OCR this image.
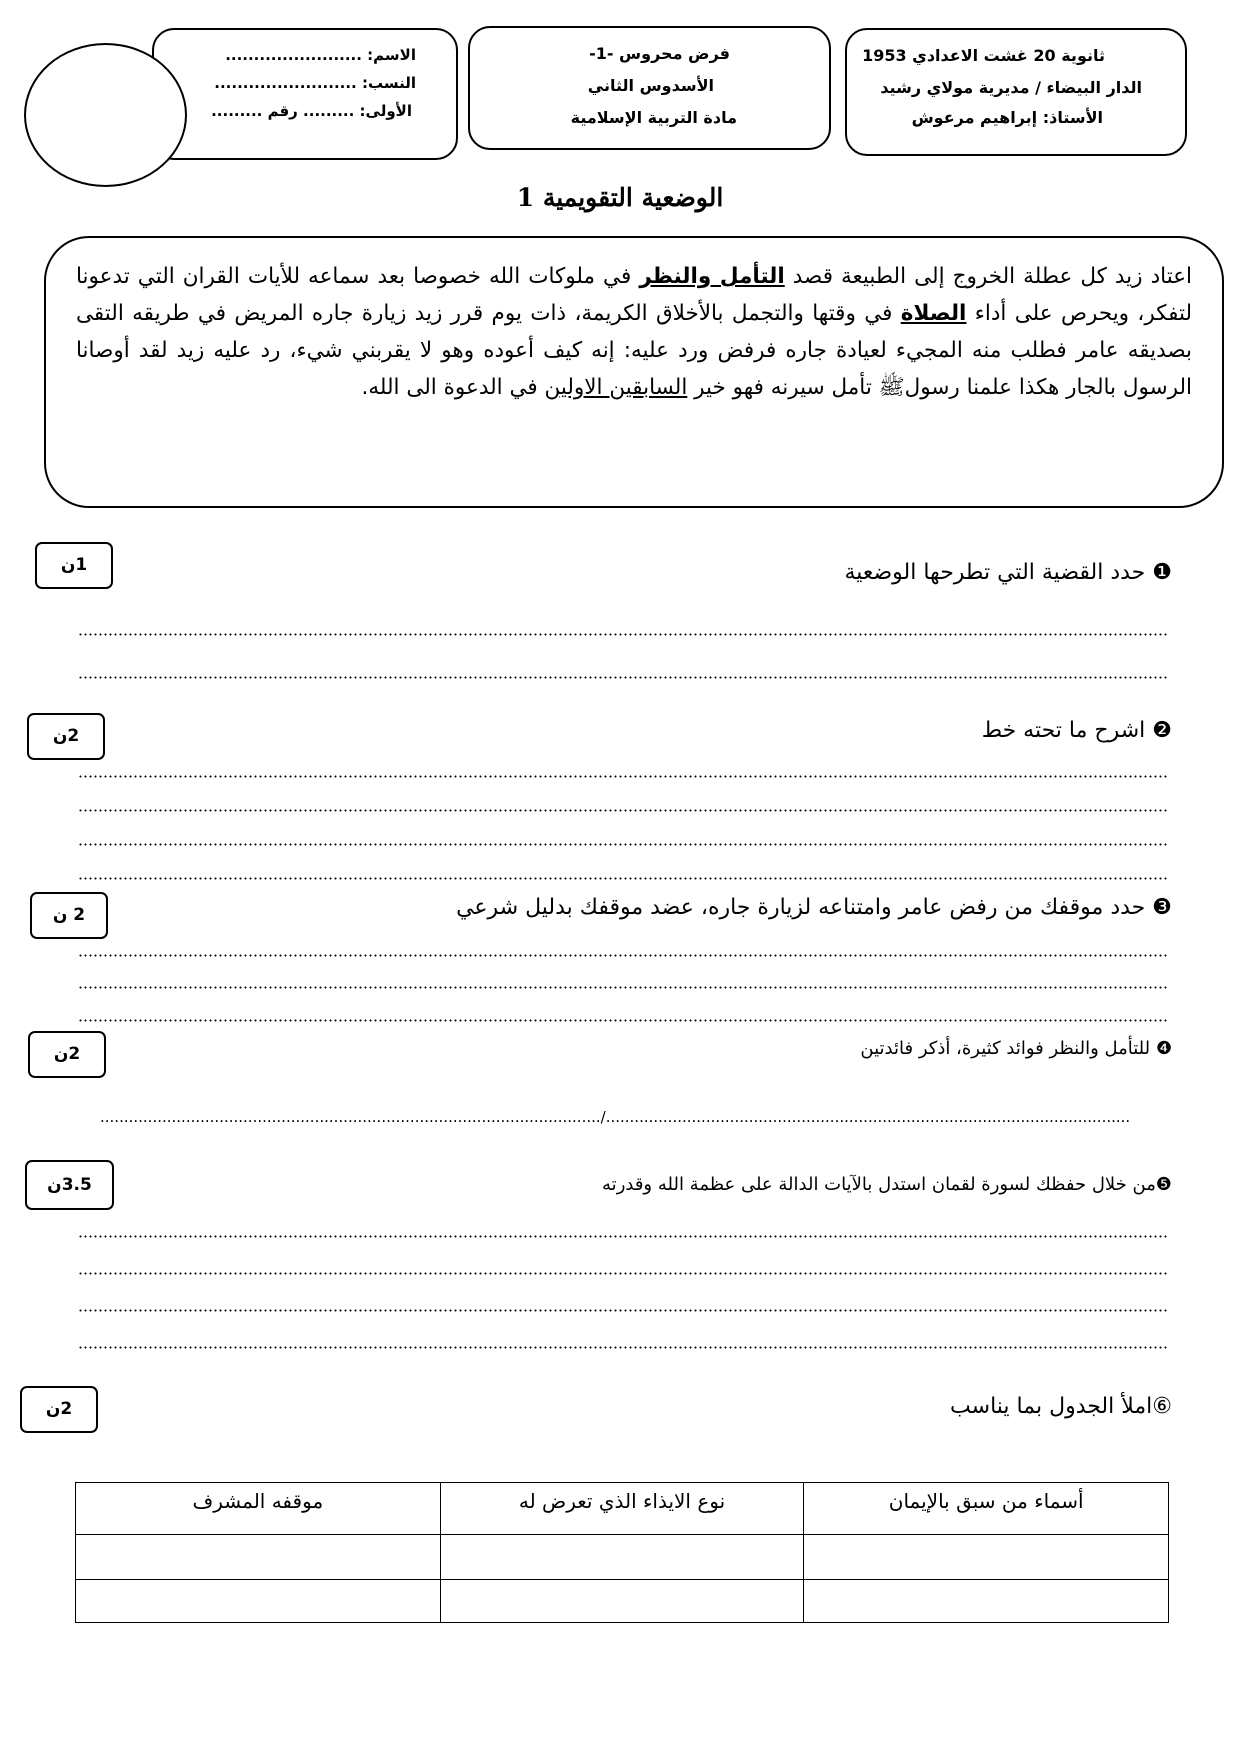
ثانوية 20 غشت الاعدادي 1953
الدار البيضاء / مديرية مولاي رشيد
الأستاذ: إبراهيم مرعوش
فرض محروس -1-
الأسدوس الثاني
مادة التربية الإسلامية
الاسم: ........................
النسب: .........................
الأولى: ......... رقم .........
الوضعية التقويمية 1
اعتاد زيد كل عطلة الخروج إلى الطبيعة قصد التأمل والنظر في ملوكات الله خصوصا بعد سماعه للأيات القران التي تدعونا لتفكر، ويحرص على أداء الصلاة في وقتها والتجمل بالأخلاق الكريمة، ذات يوم قرر زيد زيارة جاره المريض في طريقه التقى بصديقه عامر فطلب منه المجيء لعيادة جاره فرفض ورد عليه: إنه كيف أعوده وهو لا يقربني شيء، رد عليه زيد لقد أوصانا الرسول بالجار هكذا علمنا رسولﷺ تأمل سيرنه فهو خير السابقين الاولين في الدعوة الى الله.
❶ حدد القضية التي تطرحها الوضعية
1ن
❷ اشرح ما تحته خط
2ن
❸ حدد موقفك من رفض عامر وامتناعه لزيارة جاره، عضد موقفك بدليل شرعي
2 ن
❹ للتأمل والنظر فوائد كثيرة، أذكر فائدتين
2ن
........................................................................................................./..............................................................................................................
❺من خلال حفظك لسورة لقمان استدل بالآيات الدالة على عظمة الله وقدرته
3.5ن
⑥املأ الجدول بما يناسب
2ن
أسماء من سبق بالإيمان	نوع الايذاء الذي تعرض له	موقفه المشرف
